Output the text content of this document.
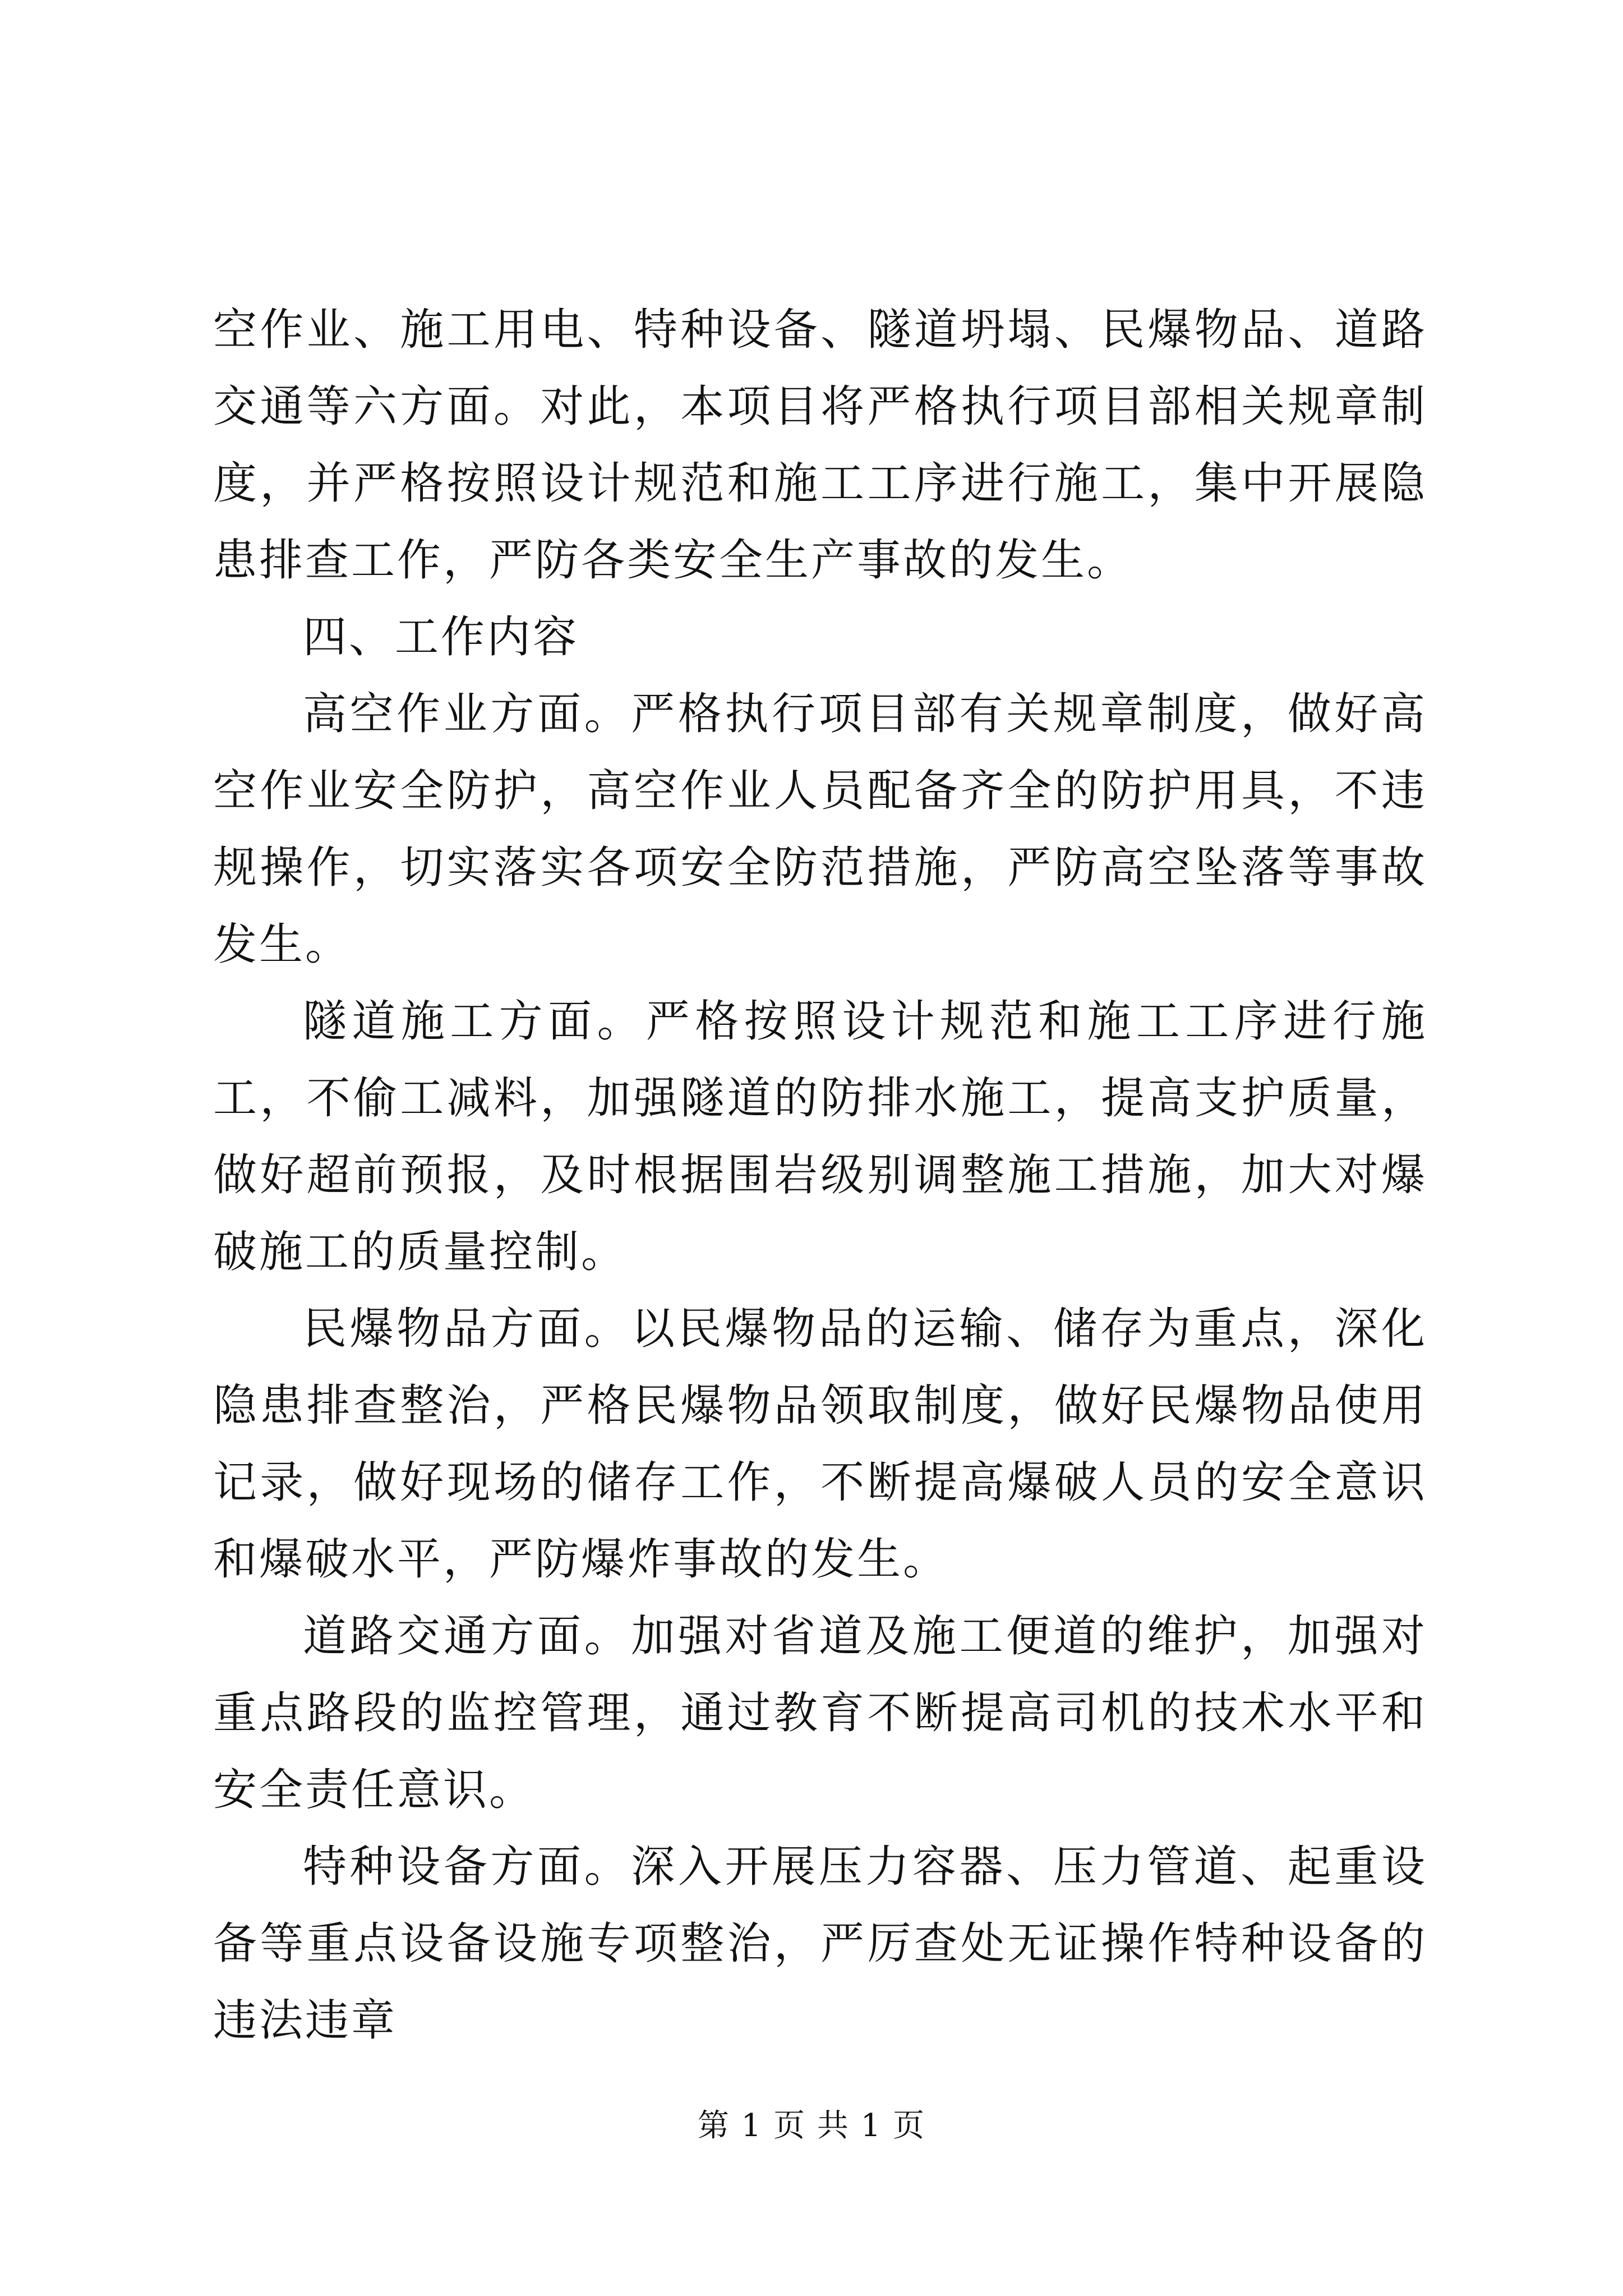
空作业、施工用电、特种设备、隧道坍塌、民爆物品、道路交通等六方面。对此，本项目将严格执行项目部相关规章制度，并严格按照设计规范和施工工序进行施工，集中开展隐患排查工作，严防各类安全生产事故的发生。

四、工作内容

高空作业方面。严格执行项目部有关规章制度，做好高空作业安全防护，高空作业人员配备齐全的防护用具，不违规操作，切实落实各项安全防范措施，严防高空坠落等事故发生。

隧道施工方面。严格按照设计规范和施工工序进行施工，不偷工减料，加强隧道的防排水施工，提高支护质量，做好超前预报，及时根据围岩级别调整施工措施，加大对爆破施工的质量控制。

民爆物品方面。以民爆物品的运输、储存为重点，深化隐患排查整治，严格民爆物品领取制度，做好民爆物品使用记录，做好现场的储存工作，不断提高爆破人员的安全意识和爆破水平，严防爆炸事故的发生。

道路交通方面。加强对省道及施工便道的维护，加强对重点路段的监控管理，通过教育不断提高司机的技术水平和安全责任意识。

特种设备方面。深入开展压力容器、压力管道、起重设备等重点设备设施专项整治，严厉查处无证操作特种设备的违法违章

第 1 页 共 1 页
